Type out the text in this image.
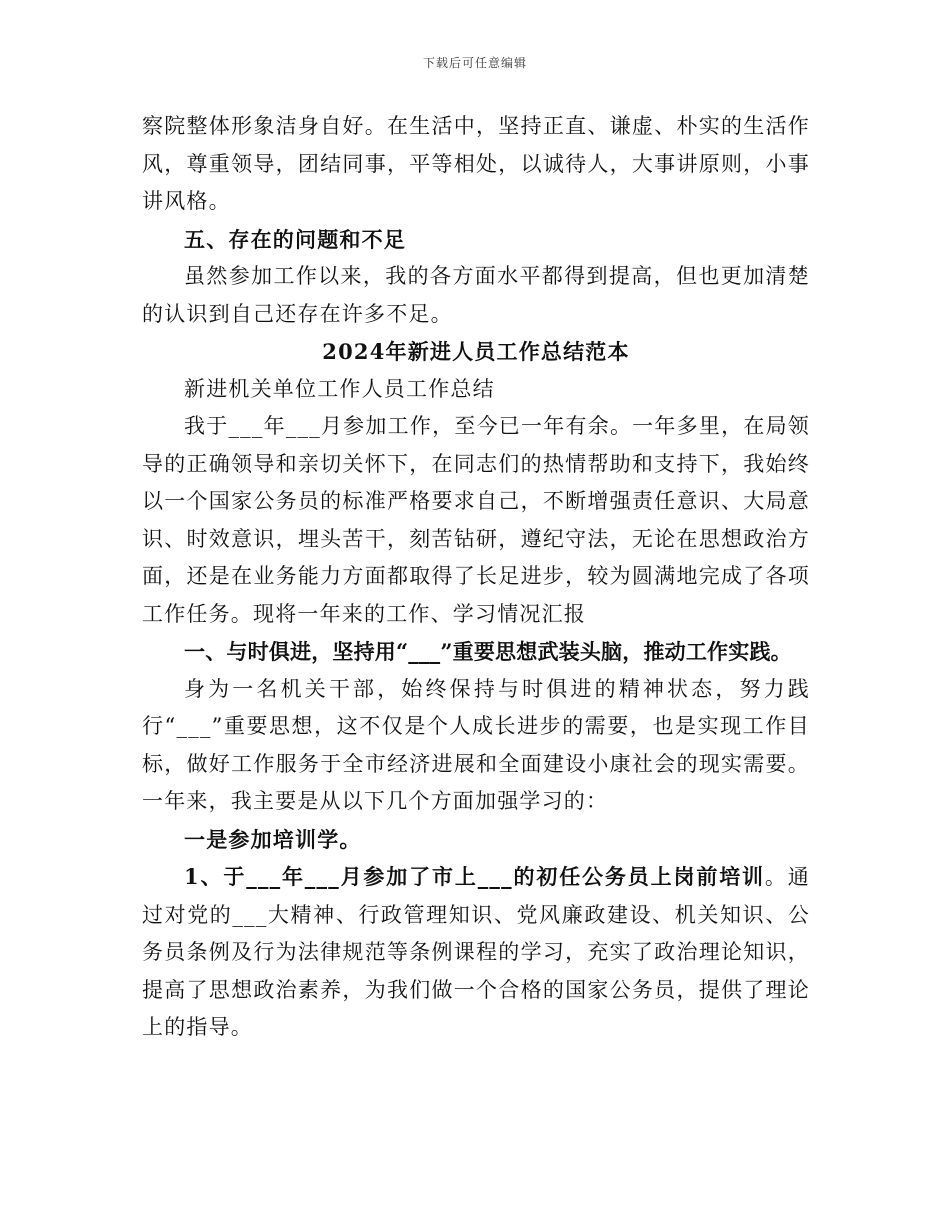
下载后可任意编辑

察院整体形象洁身自好。在生活中，坚持正直、谦虚、朴实的生活作风，尊重领导，团结同事，平等相处，以诚待人，大事讲原则，小事讲风格。

五、存在的问题和不足

虽然参加工作以来，我的各方面水平都得到提高，但也更加清楚的认识到自己还存在许多不足。

2024年新进人员工作总结范本

新进机关单位工作人员工作总结

我于___年___月参加工作，至今已一年有余。一年多里，在局领导的正确领导和亲切关怀下，在同志们的热情帮助和支持下，我始终以一个国家公务员的标准严格要求自己，不断增强责任意识、大局意识、时效意识，埋头苦干，刻苦钻研，遵纪守法，无论在思想政治方面，还是在业务能力方面都取得了长足进步，较为圆满地完成了各项工作任务。现将一年来的工作、学习情况汇报

一、与时俱进，坚持用“___”重要思想武装头脑，推动工作实践。

身为一名机关干部，始终保持与时俱进的精神状态，努力践行“___”重要思想，这不仅是个人成长进步的需要，也是实现工作目标，做好工作服务于全市经济进展和全面建设小康社会的现实需要。一年来，我主要是从以下几个方面加强学习的：

一是参加培训学。

1、于___年___月参加了市上___的初任公务员上岗前培训。通过对党的___大精神、行政管理知识、党风廉政建设、机关知识、公务员条例及行为法律规范等条例课程的学习，充实了政治理论知识，提高了思想政治素养，为我们做一个合格的国家公务员，提供了理论上的指导。
